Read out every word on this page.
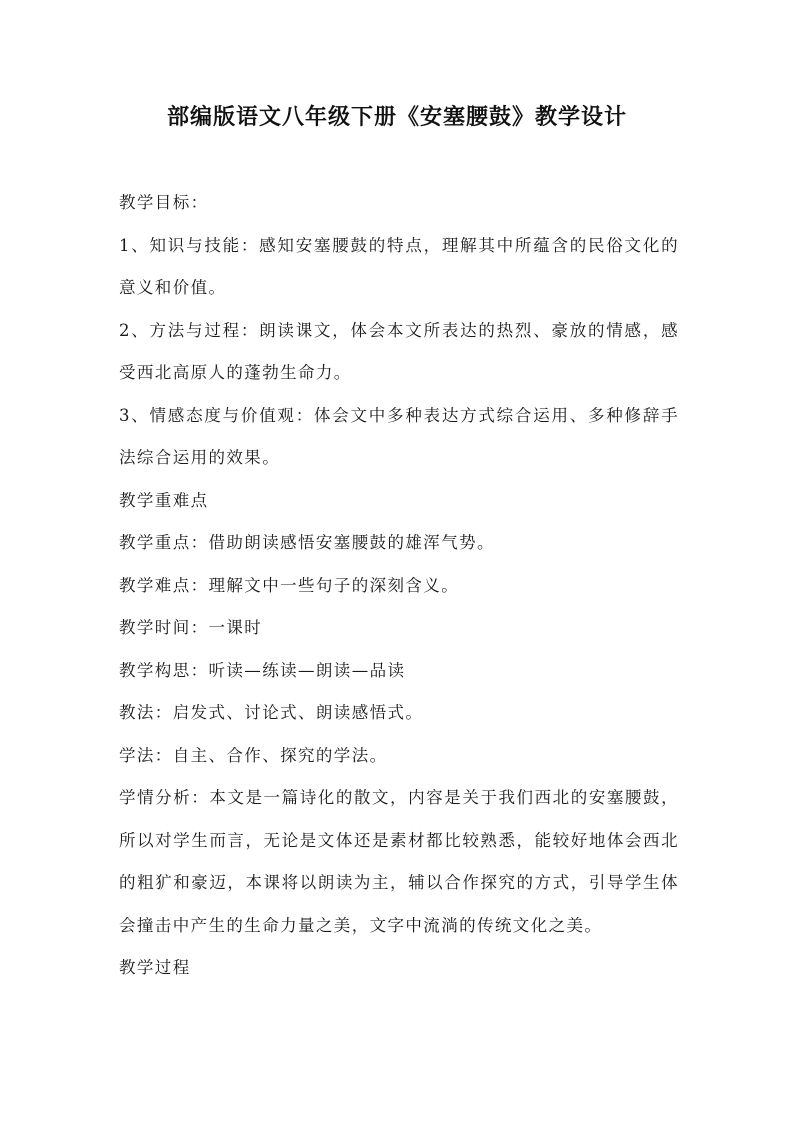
部编版语文八年级下册《安塞腰鼓》教学设计

教学目标：

1、知识与技能：感知安塞腰鼓的特点，理解其中所蕴含的民俗文化的意义和价值。

2、方法与过程：朗读课文，体会本文所表达的热烈、豪放的情感，感受西北高原人的蓬勃生命力。

3、情感态度与价值观：体会文中多种表达方式综合运用、多种修辞手法综合运用的效果。

教学重难点

教学重点：借助朗读感悟安塞腰鼓的雄浑气势。

教学难点：理解文中一些句子的深刻含义。

教学时间：一课时

教学构思：听读—练读—朗读—品读

教法：启发式、讨论式、朗读感悟式。

学法：自主、合作、探究的学法。

学情分析：本文是一篇诗化的散文，内容是关于我们西北的安塞腰鼓，所以对学生而言，无论是文体还是素材都比较熟悉，能较好地体会西北的粗犷和豪迈，本课将以朗读为主，辅以合作探究的方式，引导学生体会撞击中产生的生命力量之美，文字中流淌的传统文化之美。

教学过程
